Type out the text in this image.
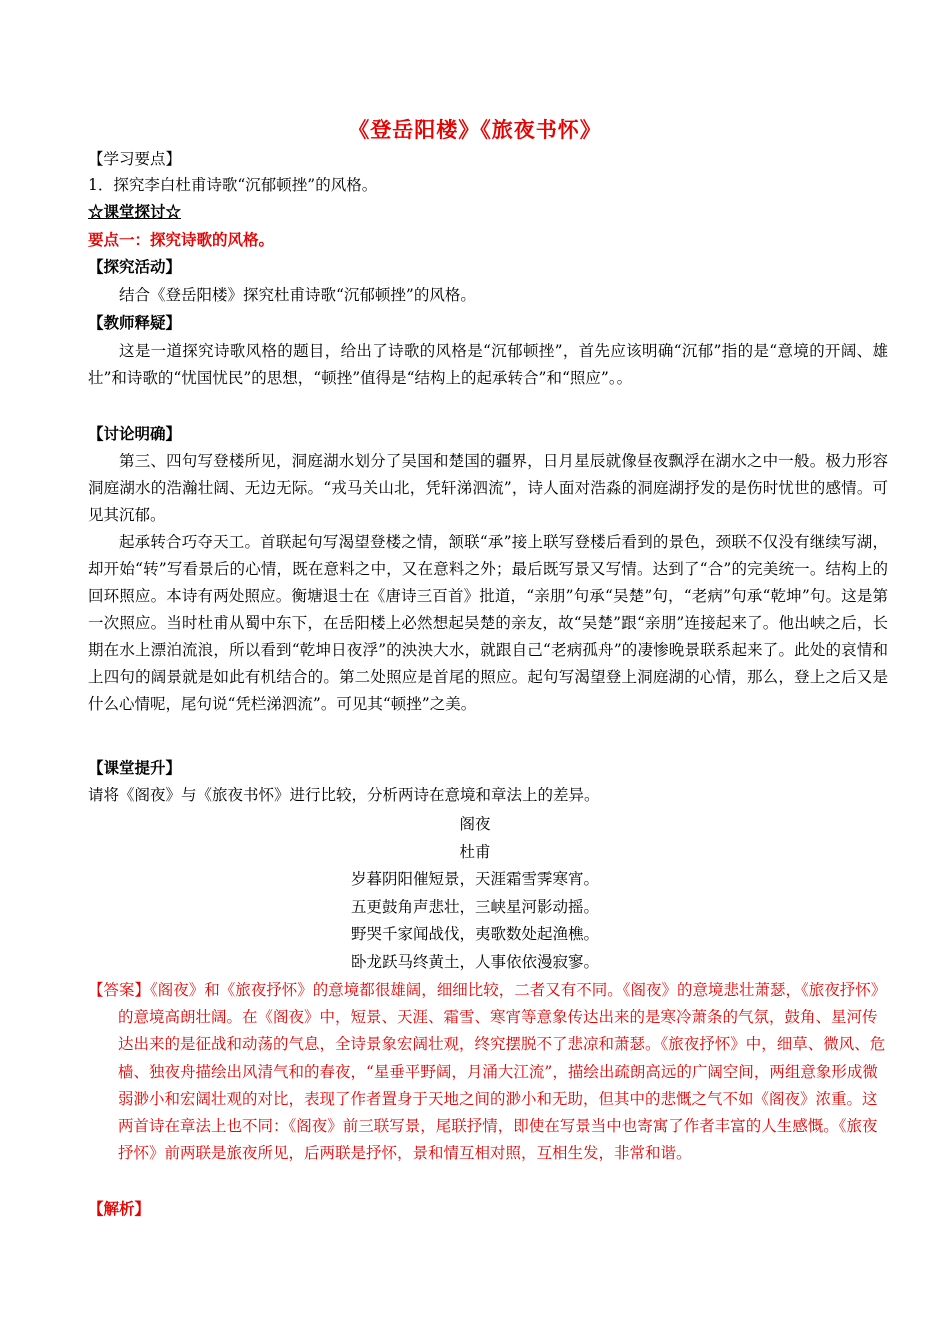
《登岳阳楼》《旅夜书怀》
【学习要点】
1．探究李白杜甫诗歌“沉郁顿挫”的风格。
☆课堂探讨☆
要点一：探究诗歌的风格。
【探究活动】
结合《登岳阳楼》探究杜甫诗歌“沉郁顿挫”的风格。
【教师释疑】

这是一道探究诗歌风格的题目，给出了诗歌的风格是“沉郁顿挫”，首先应该明确“沉郁”指的是“意境的开阔、雄壮”和诗歌的“忧国忧民”的思想，“顿挫”值得是“结构上的起承转合”和“照应”。。

【讨论明确】

第三、四句写登楼所见，洞庭湖水划分了吴国和楚国的疆界，日月星辰就像昼夜飘浮在湖水之中一般。极力形容洞庭湖水的浩瀚壮阔、无边无际。“戎马关山北，凭轩涕泗流”，诗人面对浩淼的洞庭湖抒发的是伤时忧世的感情。可见其沉郁。

起承转合巧夺天工。首联起句写渴望登楼之情，颔联“承”接上联写登楼后看到的景色，颈联不仅没有继续写湖，却开始“转”写看景后的心情，既在意料之中，又在意料之外；最后既写景又写情。达到了“合”的完美统一。结构上的回环照应。本诗有两处照应。衡塘退士在《唐诗三百首》批道，“亲朋”句承“吴楚”句，“老病”句承“乾坤”句。这是第一次照应。当时杜甫从蜀中东下，在岳阳楼上必然想起吴楚的亲友，故“吴楚”跟“亲朋”连接起来了。他出峡之后，长期在水上漂泊流浪，所以看到“乾坤日夜浮”的泱泱大水，就跟自己“老病孤舟”的凄惨晚景联系起来了。此处的哀情和上四句的阔景就是如此有机结合的。第二处照应是首尾的照应。起句写渴望登上洞庭湖的心情，那么，登上之后又是什么心情呢，尾句说“凭栏涕泗流”。可见其“顿挫”之美。

【课堂提升】
请将《阁夜》与《旅夜书怀》进行比较，分析两诗在意境和章法上的差异。
阁夜
杜甫
岁暮阴阳催短景，天涯霜雪霁寒宵。
五更鼓角声悲壮，三峡星河影动摇。
野哭千家闻战伐，夷歌数处起渔樵。
卧龙跃马终黄土，人事依依漫寂寥。
【答案】《阁夜》和《旅夜抒怀》的意境都很雄阔，细细比较，二者又有不同。《阁夜》的意境悲壮萧瑟，《旅夜抒怀》的意境高朗壮阔。在《阁夜》中，短景、天涯、霜雪、寒宵等意象传达出来的是寒冷萧条的气氛，鼓角、星河传达出来的是征战和动荡的气息，全诗景象宏阔壮观，终究摆脱不了悲凉和萧瑟。《旅夜抒怀》中，细草、微风、危樯、独夜舟描绘出风清气和的春夜，“星垂平野阔，月涌大江流”，描绘出疏朗高远的广阔空间，两组意象形成微弱渺小和宏阔壮观的对比，表现了作者置身于天地之间的渺小和无助，但其中的悲慨之气不如《阁夜》浓重。这两首诗在章法上也不同：《阁夜》前三联写景，尾联抒情，即使在写景当中也寄寓了作者丰富的人生感慨。《旅夜抒怀》前两联是旅夜所见，后两联是抒怀，景和情互相对照，互相生发，非常和谐。
【解析】
